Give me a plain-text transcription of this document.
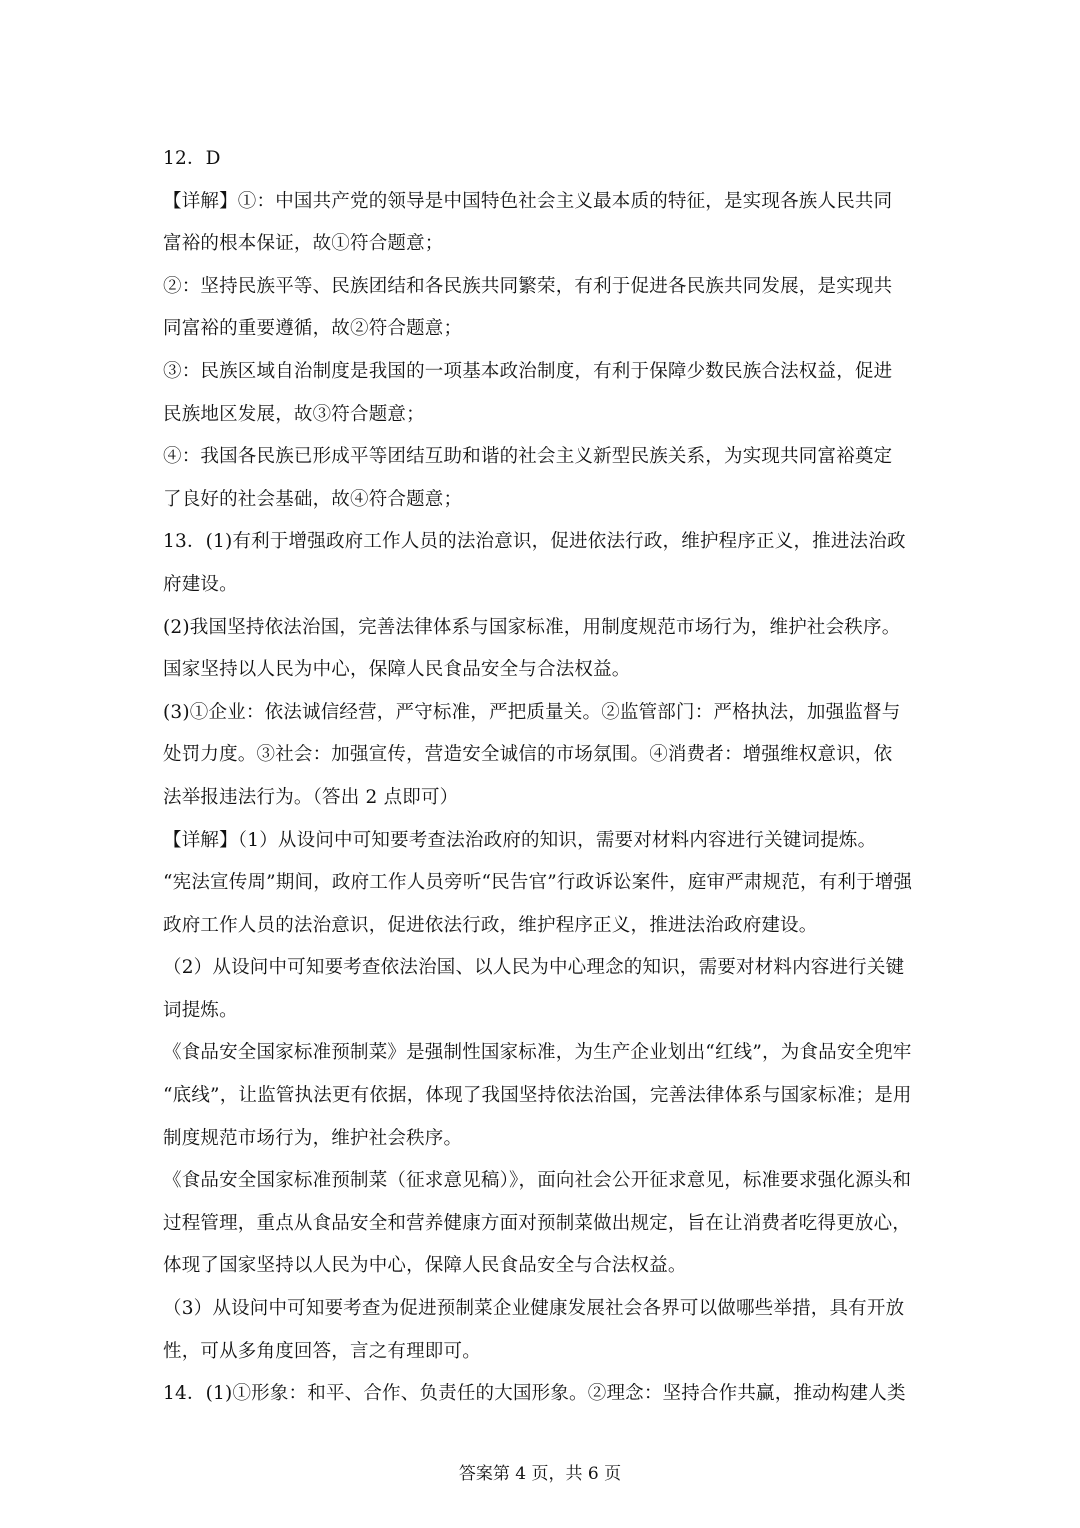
12．D
【详解】①：中国共产党的领导是中国特色社会主义最本质的特征，是实现各族人民共同
富裕的根本保证，故①符合题意；
②：坚持民族平等、民族团结和各民族共同繁荣，有利于促进各民族共同发展，是实现共
同富裕的重要遵循，故②符合题意；
③：民族区域自治制度是我国的一项基本政治制度，有利于保障少数民族合法权益，促进
民族地区发展，故③符合题意；
④：我国各民族已形成平等团结互助和谐的社会主义新型民族关系，为实现共同富裕奠定
了良好的社会基础，故④符合题意；
13．(1)有利于增强政府工作人员的法治意识，促进依法行政，维护程序正义，推进法治政
府建设。
(2)我国坚持依法治国，完善法律体系与国家标准，用制度规范市场行为，维护社会秩序。
国家坚持以人民为中心，保障人民食品安全与合法权益。
(3)①企业：依法诚信经营，严守标准，严把质量关。②监管部门：严格执法，加强监督与
处罚力度。③社会：加强宣传，营造安全诚信的市场氛围。④消费者：增强维权意识，依
法举报违法行为。（答出 2 点即可）
【详解】（1）从设问中可知要考查法治政府的知识，需要对材料内容进行关键词提炼。
“宪法宣传周”期间，政府工作人员旁听“民告官”行政诉讼案件，庭审严肃规范，有利于增强
政府工作人员的法治意识，促进依法行政，维护程序正义，推进法治政府建设。
（2）从设问中可知要考查依法治国、以人民为中心理念的知识，需要对材料内容进行关键
词提炼。
《食品安全国家标准预制菜》是强制性国家标准，为生产企业划出“红线”，为食品安全兜牢
“底线”，让监管执法更有依据，体现了我国坚持依法治国，完善法律体系与国家标准；是用
制度规范市场行为，维护社会秩序。
《食品安全国家标准预制菜（征求意见稿）》，面向社会公开征求意见，标准要求强化源头和
过程管理，重点从食品安全和营养健康方面对预制菜做出规定，旨在让消费者吃得更放心，
体现了国家坚持以人民为中心，保障人民食品安全与合法权益。
（3）从设问中可知要考查为促进预制菜企业健康发展社会各界可以做哪些举措，具有开放
性，可从多角度回答，言之有理即可。
14．(1)①形象：和平、合作、负责任的大国形象。②理念：坚持合作共赢，推动构建人类
答案第 4 页，共 6 页
